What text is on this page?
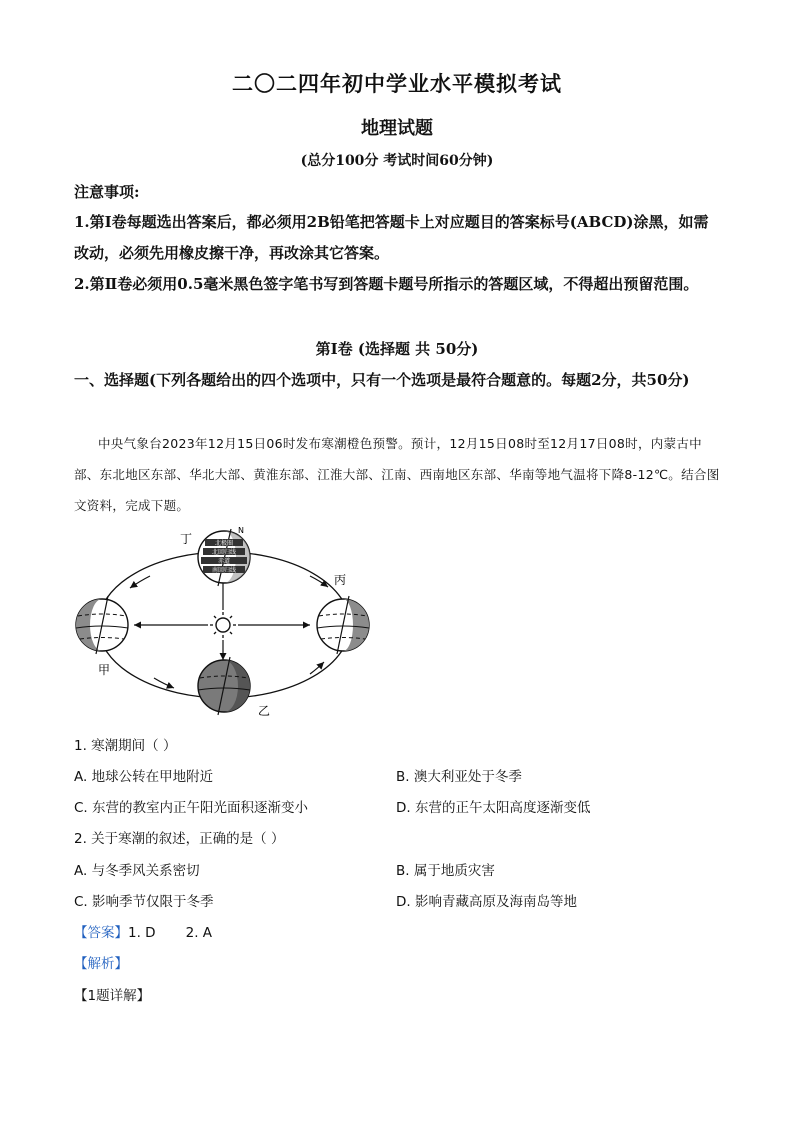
二〇二四年初中学业水平模拟考试
地理试题
(总分100分 考试时间60分钟)
注意事项:
1.第Ⅰ卷每题选出答案后，都必须用2B铅笔把答题卡上对应题目的答案标号(ABCD)涂黑，如需改动，必须先用橡皮擦干净，再改涂其它答案。
2.第Ⅱ卷必须用0.5毫米黑色签字笔书写到答题卡题号所指示的答题区域，不得超出预留范围。
第Ⅰ卷 (选择题 共 50分)
一、选择题(下列各题给出的四个选项中，只有一个选项是最符合题意的。每题2分，共50分)
中央气象台2023年12月15日06时发布寒潮橙色预警。预计，12月15日08时至12月17日08时，内蒙古中部、东北地区东部、华北大部、黄淮东部、江淮大部、江南、西南地区东部、华南等地气温将下降8-12℃。结合图文资料，完成下题。
北极圈
北回归线
赤道
南回归线
N
丁
甲
丙
乙
1. 寒潮期间（ ）
A. 地球公转在甲地附近	B. 澳大利亚处于冬季
C. 东营的教室内正午阳光面积逐渐变小	D. 东营的正午太阳高度逐渐变低
2. 关于寒潮的叙述，正确的是（ ）
A. 与冬季风关系密切	B. 属于地质灾害
C. 影响季节仅限于冬季	D. 影响青藏高原及海南岛等地
【答案】1. D       2. A
【解析】
【1题详解】
